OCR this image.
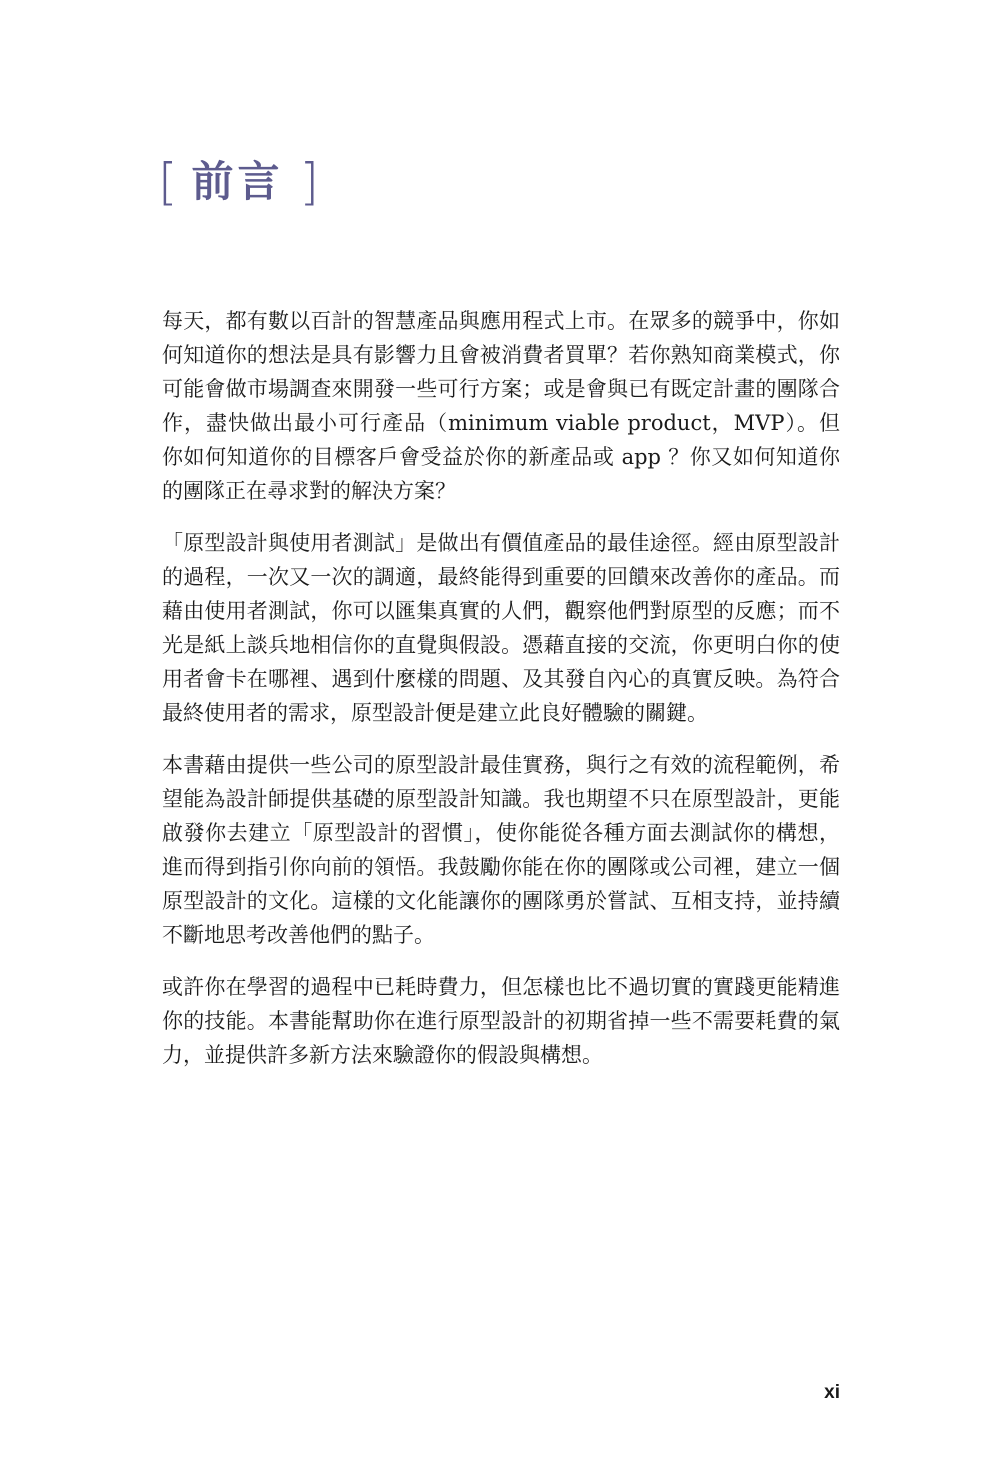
[ 前言 ]

每天，都有數以百計的智慧產品與應用程式上市。在眾多的競爭中，你如何知道你的想法是具有影響力且會被消費者買單？若你熟知商業模式，你可能會做市場調查來開發一些可行方案；或是會與已有既定計畫的團隊合作，盡快做出最小可行產品（minimum viable product，MVP）。但你如何知道你的目標客戶會受益於你的新產品或 app ？你又如何知道你的團隊正在尋求對的解決方案？

「原型設計與使用者測試」是做出有價值產品的最佳途徑。經由原型設計的過程，一次又一次的調適，最終能得到重要的回饋來改善你的產品。而藉由使用者測試，你可以匯集真實的人們，觀察他們對原型的反應；而不光是紙上談兵地相信你的直覺與假設。憑藉直接的交流，你更明白你的使用者會卡在哪裡、遇到什麼樣的問題、及其發自內心的真實反映。為符合最終使用者的需求，原型設計便是建立此良好體驗的關鍵。

本書藉由提供一些公司的原型設計最佳實務，與行之有效的流程範例，希望能為設計師提供基礎的原型設計知識。我也期望不只在原型設計，更能啟發你去建立「原型設計的習慣」，使你能從各種方面去測試你的構想，進而得到指引你向前的領悟。我鼓勵你能在你的團隊或公司裡，建立一個原型設計的文化。這樣的文化能讓你的團隊勇於嘗試、互相支持，並持續不斷地思考改善他們的點子。

或許你在學習的過程中已耗時費力，但怎樣也比不過切實的實踐更能精進你的技能。本書能幫助你在進行原型設計的初期省掉一些不需要耗費的氣力，並提供許多新方法來驗證你的假設與構想。

xi
